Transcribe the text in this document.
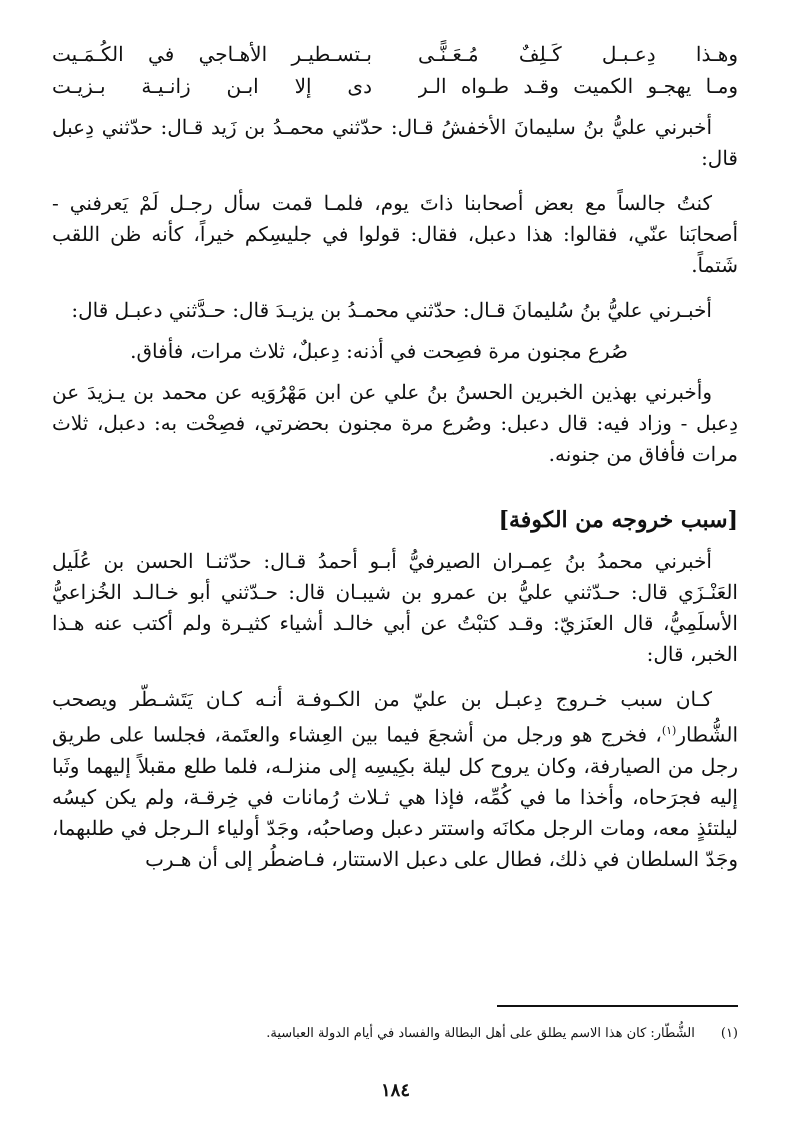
وهـذا دِعـبـل كَـلِفٌ مُـعَـنًّـى
بـتسـطيـر الأهـاجي في الكُـمَـيت
ومـا يهجـو الكميت وقـد طـواه الـر
دى إلا ابـن زانـيـة بـزيـت

أخبرني عليُّ بنُ سليمانَ الأخفشُ قـال: حدّثني محمـدُ بن زَيد قـال: حدّثني دِعبل قال:

كنتُ جالساً مع بعض أصحابنا ذاتَ يوم، فلمـا قمت سأل رجـل لَمْ يَعرفني - أصحابَنا عنّي، فقالوا: هذا دعبل، فقال: قولوا في جليسِكم خيراً، كأنه ظن اللقب شَتماً.

أخبـرني عليُّ بنُ سُليمانَ قـال: حدّثني محمـدُ بن يزيـدَ قال: حـدَّثني دعبـل قال:

صُرع مجنون مرة فصِحت في أذنه: دِعبلٌ، ثلاث مرات، فأفاق.

وأخبرني بهذين الخبرين الحسنُ بنُ علي عن ابن مَهْرُوَيه عن محمد بن يـزيدَ عن دِعبل - وزاد فيه: قال دعبل: وصُرع مرة مجنون بحضرتي، فصِحْت به: دعبل، ثلاث مرات فأفاق من جنونه.

[سبب خروجه من الكوفة]

أخبرني محمدُ بنُ عِمـران الصيرفيُّ أبـو أحمدُ قـال: حدّثنـا الحسن بن عُلَيل العَنْـزَي قال: حـدّثني عليُّ بن عمرو بن شيبـان قال: حـدّثني أبو خـالـد الخُزاعيُّ الأسلَمِيُّ، قال العنَزيّ: وقـد كتبْتُ عن أبي خالـد أشياء كثيـرة ولم أكتب عنه هـذا الخبر، قال:

كـان سبب خـروج دِعبـل بن عليّ من الكـوفـة أنـه كـان يَتَشـطّر ويصحب الشُّطار$^{(١)}$، فخرج هو ورجل من أشجعَ فيما بين العِشاء والعتَمة، فجلسا على طريق رجل من الصيارفة، وكان يروح كل ليلة بكِيسِه إلى منزلـه، فلما طلع مقبلاً إليهما وثَبا إليه فجرَحاه، وأخذا ما في كُمِّه، فإذا هي ثـلاث رُمانات في خِرقـة، ولم يكن كيسُه ليلتئذٍ معه، ومات الرجل مكانَه واستتر دعبل وصاحبُه، وجَدّ أولياء الـرجل في طلبهما، وجَدّ السلطان في ذلك، فطال على دعبل الاستتار، فـاضطُر إلى أن هـرب

(١)الشُّطّار: كان هذا الاسم يطلق على أهل البطالة والفساد في أيام الدولة العباسية.
١٨٤
